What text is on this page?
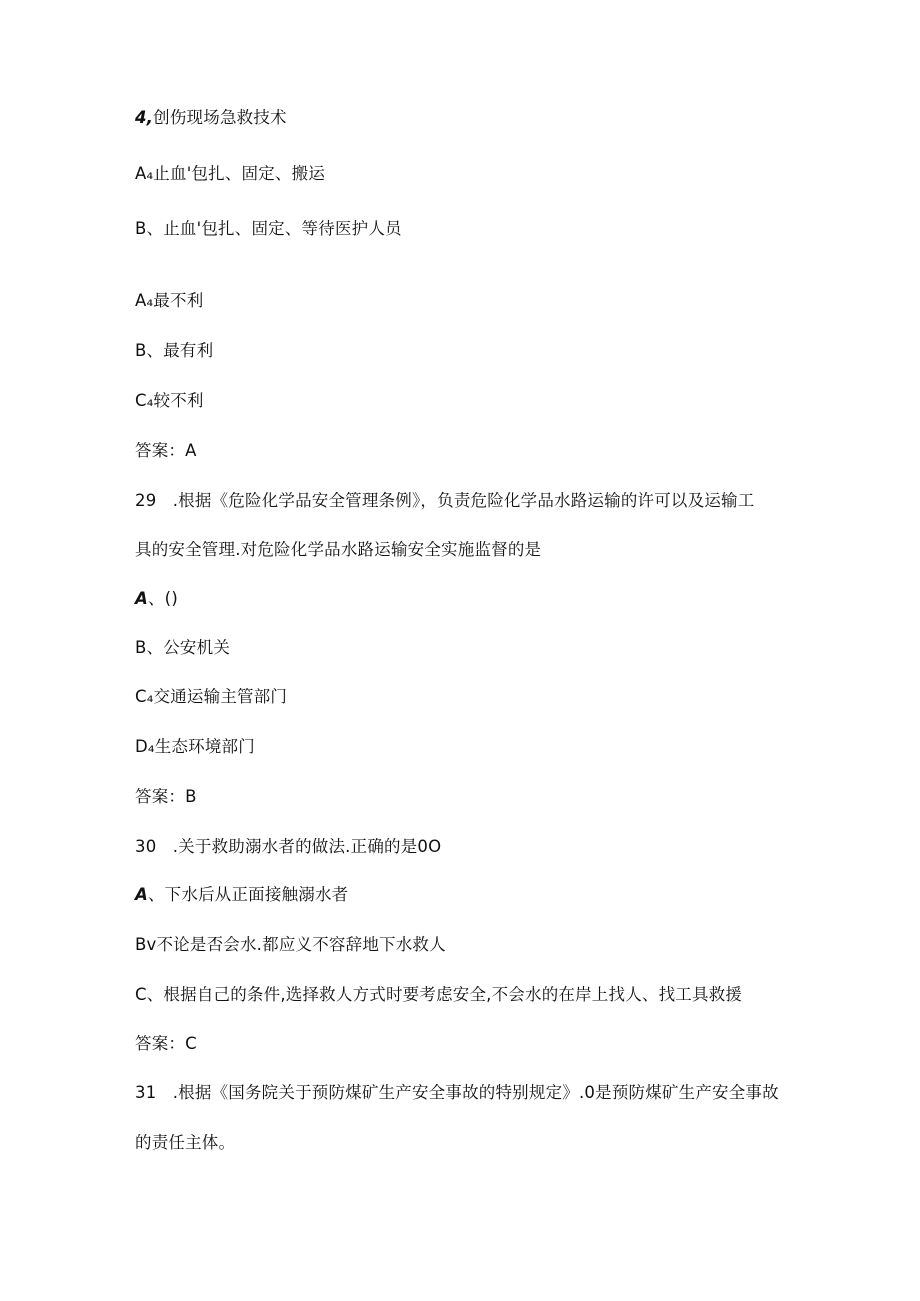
4,创伤现场急救技术
A₄止血'包扎、固定、搬运
B、止血'包扎、固定、等待医护人员
A₄最不利
B、最有利
C₄较不利
答案：A
29   .根据《危险化学品安全管理条例》，负责危险化学品水路运输的许可以及运输工
具的安全管理.对危险化学品水路运输安全实施监督的是
A、()
B、公安机关
C₄交通运输主管部门
D₄生态环境部门
答案：B
30   .关于救助溺水者的做法.正确的是0O
A、下水后从正面接触溺水者
Bv不论是否会水.都应义不容辞地下水救人
C、根据自己的条件,选择救人方式时要考虑安全,不会水的在岸上找人、找工具救援
答案：C
31   .根据《国务院关于预防煤矿生产安全事故的特别规定》.0是预防煤矿生产安全事故
的责任主体。
